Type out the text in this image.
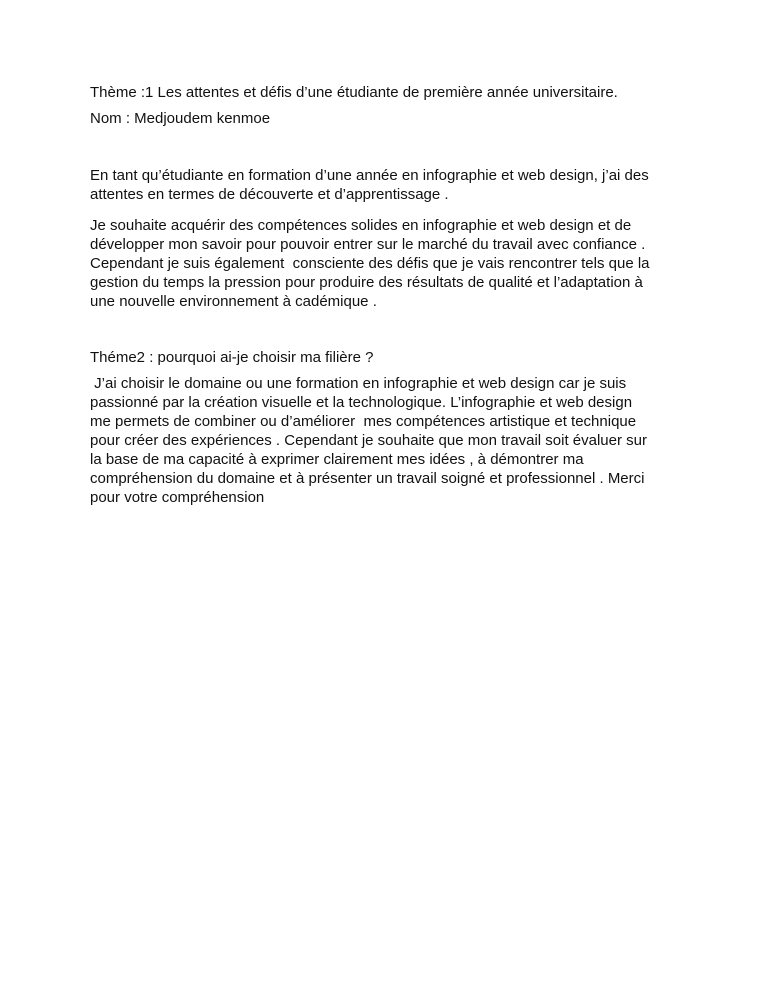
Thème :1 Les attentes et défis d’une étudiante de première année universitaire.
Nom : Medjoudem kenmoe
En tant qu’étudiante en formation d’une année en infographie et web design, j’ai des
attentes en termes de découverte et d’apprentissage .
Je souhaite acquérir des compétences solides en infographie et web design et de
développer mon savoir pour pouvoir entrer sur le marché du travail avec confiance .
Cependant je suis également  consciente des défis que je vais rencontrer tels que la
gestion du temps la pression pour produire des résultats de qualité et l’adaptation à
une nouvelle environnement à cadémique .
Théme2 : pourquoi ai-je choisir ma filière ?
J’ai choisir le domaine ou une formation en infographie et web design car je suis
passionné par la création visuelle et la technologique. L’infographie et web design
me permets de combiner ou d’améliorer  mes compétences artistique et technique
pour créer des expériences . Cependant je souhaite que mon travail soit évaluer sur
la base de ma capacité à exprimer clairement mes idées , à démontrer ma
compréhension du domaine et à présenter un travail soigné et professionnel . Merci
pour votre compréhension
